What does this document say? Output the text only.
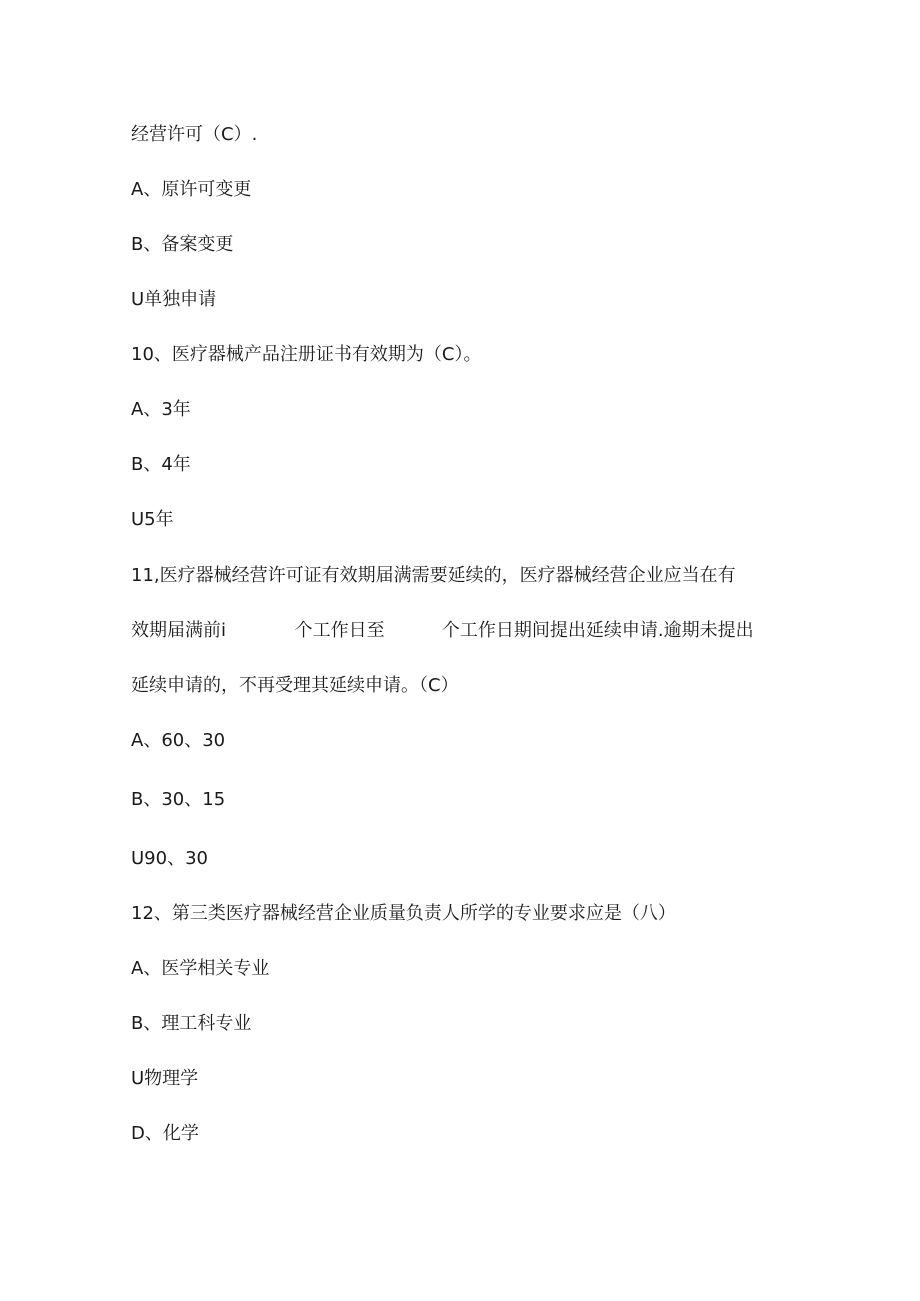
经营许可（C）.
A、原许可变更
B、备案变更
U单独申请
10、医疗器械产品注册证书有效期为（C）。
A、3年
B、4年
U5年
11,医疗器械经营许可证有效期届满需要延续的，医疗器械经营企业应当在有
效期届满前i            个工作日至          个工作日期间提出延续申请.逾期未提出
延续申请的，不再受理其延续申请。（C）
A、60、30
B、30、15
U90、30
12、第三类医疗器械经营企业质量负责人所学的专业要求应是（八）
A、医学相关专业
B、理工科专业
U物理学
D、化学
